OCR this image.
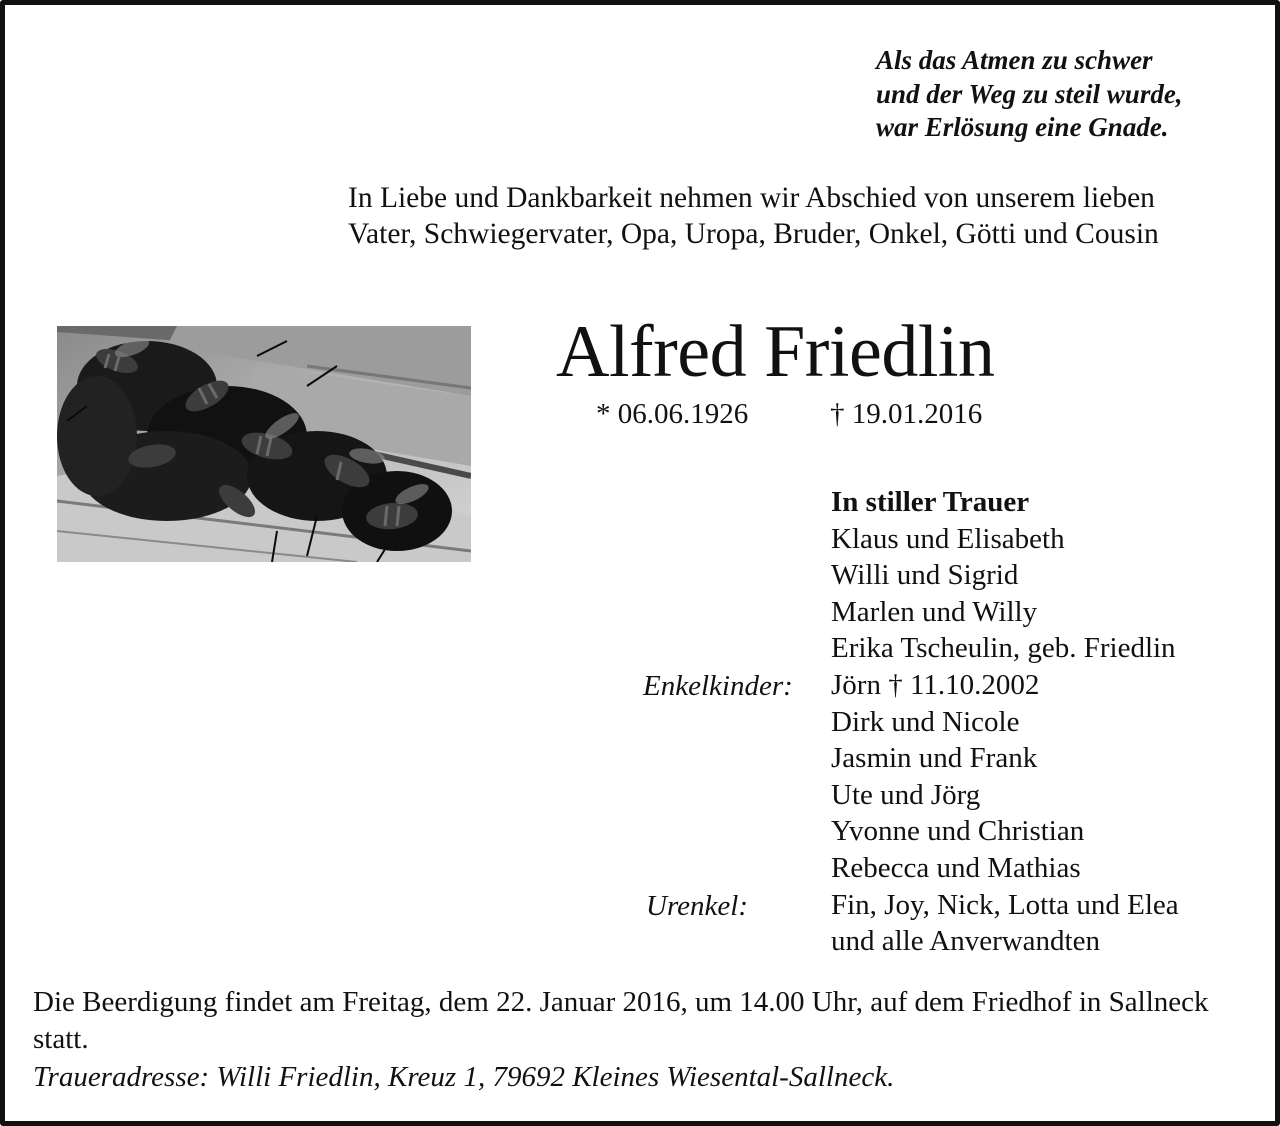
Als das Atmen zu schwer
und der Weg zu steil wurde,
war Erlösung eine Gnade.
In Liebe und Dankbarkeit nehmen wir Abschied von unserem lieben
Vater, Schwiegervater, Opa, Uropa, Bruder, Onkel, Götti und Cousin
Alfred Friedlin
* 06.06.1926	† 19.01.2016
In stiller Trauer
Klaus und Elisabeth
Willi und Sigrid
Marlen und Willy
Erika Tscheulin, geb. Friedlin
Jörn † 11.10.2002
Dirk und Nicole
Jasmin und Frank
Ute und Jörg
Yvonne und Christian
Rebecca und Mathias
Fin, Joy, Nick, Lotta und Elea
und alle Anverwandten
Enkelkinder:
Urenkel:
Die Beerdigung findet am Freitag, dem 22. Januar 2016, um 14.00 Uhr, auf dem Friedhof in Sallneck statt.
Traueradresse: Willi Friedlin, Kreuz 1, 79692 Kleines Wiesental-Sallneck.
